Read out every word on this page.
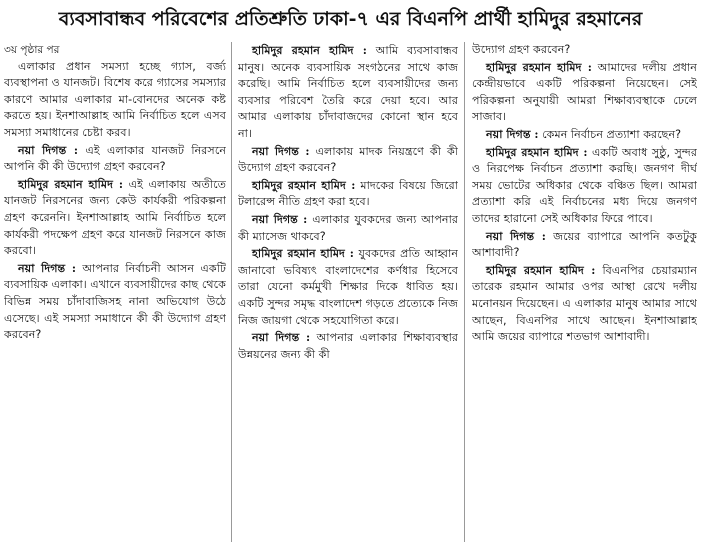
ব্যবসাবান্ধব পরিবেশের প্রতিশ্রুতি ঢাকা-৭ এর বিএনপি প্রার্থী হামিদুর রহমানের

৩য় পৃষ্ঠার পর

এলাকার প্রধান সমস্যা হচ্ছে গ্যাস, বর্জ্য ব্যবস্থাপনা ও যানজট। বিশেষ করে গ্যাসের সমস্যার কারণে আমার এলাকার মা-বোনদের অনেক কষ্ট করতে হয়। ইনশাআল্লাহ আমি নির্বাচিত হলে এসব সমস্যা সমাধানের চেষ্টা করব।

নয়া দিগন্ত : এই এলাকার যানজট নিরসনে আপনি কী কী উদ্যোগ গ্রহণ করবেন?

হামিদুর রহমান হামিদ : এই এলাকায় অতীতে যানজট নিরসনের জন্য কেউ কার্যকরী পরিকল্পনা গ্রহণ করেননি। ইনশাআল্লাহ আমি নির্বাচিত হলে কার্যকরী পদক্ষেপ গ্রহণ করে যানজট নিরসনে কাজ করবো।

নয়া দিগন্ত : আপনার নির্বাচনী আসন একটি ব্যবসায়িক এলাকা। এখানে ব্যবসায়ীদের কাছ থেকে বিভিন্ন সময় চাঁদাবাজিসহ নানা অভিযোগ উঠে এসেছে। এই সমস্যা সমাধানে কী কী উদ্যোগ গ্রহণ করবেন?

হামিদুর রহমান হামিদ : আমি ব্যবসাবান্ধব মানুষ। অনেক ব্যবসায়িক সংগঠনের সাথে কাজ করেছি। আমি নির্বাচিত হলে ব্যবসায়ীদের জন্য ব্যবসার পরিবেশ তৈরি করে দেয়া হবে। আর আমার এলাকায় চাঁদাবাজদের কোনো স্থান হবে না।

নয়া দিগন্ত : এলাকায় মাদক নিয়ন্ত্রণে কী কী উদ্যোগ গ্রহণ করবেন?

হামিদুর রহমান হামিদ : মাদকের বিষয়ে জিরো টলারেন্স নীতি গ্রহণ করা হবে।

নয়া দিগন্ত : এলাকার যুবকদের জন্য আপনার কী ম্যাসেজ থাকবে?

হামিদুর রহমান হামিদ : যুবকদের প্রতি আহ্বান জানাবো ভবিষ্যৎ বাংলাদেশের কর্ণধার হিসেবে তারা যেনো কর্মমুখী শিক্ষার দিকে ধাবিত হয়। একটি সুন্দর সমৃদ্ধ বাংলাদেশ গড়তে প্রত্যেকে নিজ নিজ জায়গা থেকে সহযোগিতা করে।

নয়া দিগন্ত : আপনার এলাকার শিক্ষাব্যবস্থার উন্নয়নের জন্য কী কী

উদ্যোগ গ্রহণ করবেন?

হামিদুর রহমান হামিদ : আমাদের দলীয় প্রধান কেন্দ্রীয়ভাবে একটি পরিকল্পনা নিয়েছেন। সেই পরিকল্পনা অনুযায়ী আমরা শিক্ষাব্যবস্থাকে ঢেলে সাজাব।

নয়া দিগন্ত : কেমন নির্বাচন প্রত্যাশা করছেন?

হামিদুর রহমান হামিদ : একটি অবাধ সুষ্ঠু, সুন্দর ও নিরপেক্ষ নির্বাচন প্রত্যাশা করছি। জনগণ দীর্ঘ সময় ভোটের অধিকার থেকে বঞ্চিত ছিল। আমরা প্রত্যাশা করি এই নির্বাচনের মধ্য দিয়ে জনগণ তাদের হারানো সেই অধিকার ফিরে পাবে।

নয়া দিগন্ত : জয়ের ব্যাপারে আপনি কতটুকু আশাবাদী?

হামিদুর রহমান হামিদ : বিএনপির চেয়ারম্যান তারেক রহমান আমার ওপর আস্থা রেখে দলীয় মনোনয়ন দিয়েছেন। এ এলাকার মানুষ আমার সাথে আছেন, বিএনপির সাথে আছেন। ইনশাআল্লাহ আমি জয়ের ব্যাপারে শতভাগ আশাবাদী।
